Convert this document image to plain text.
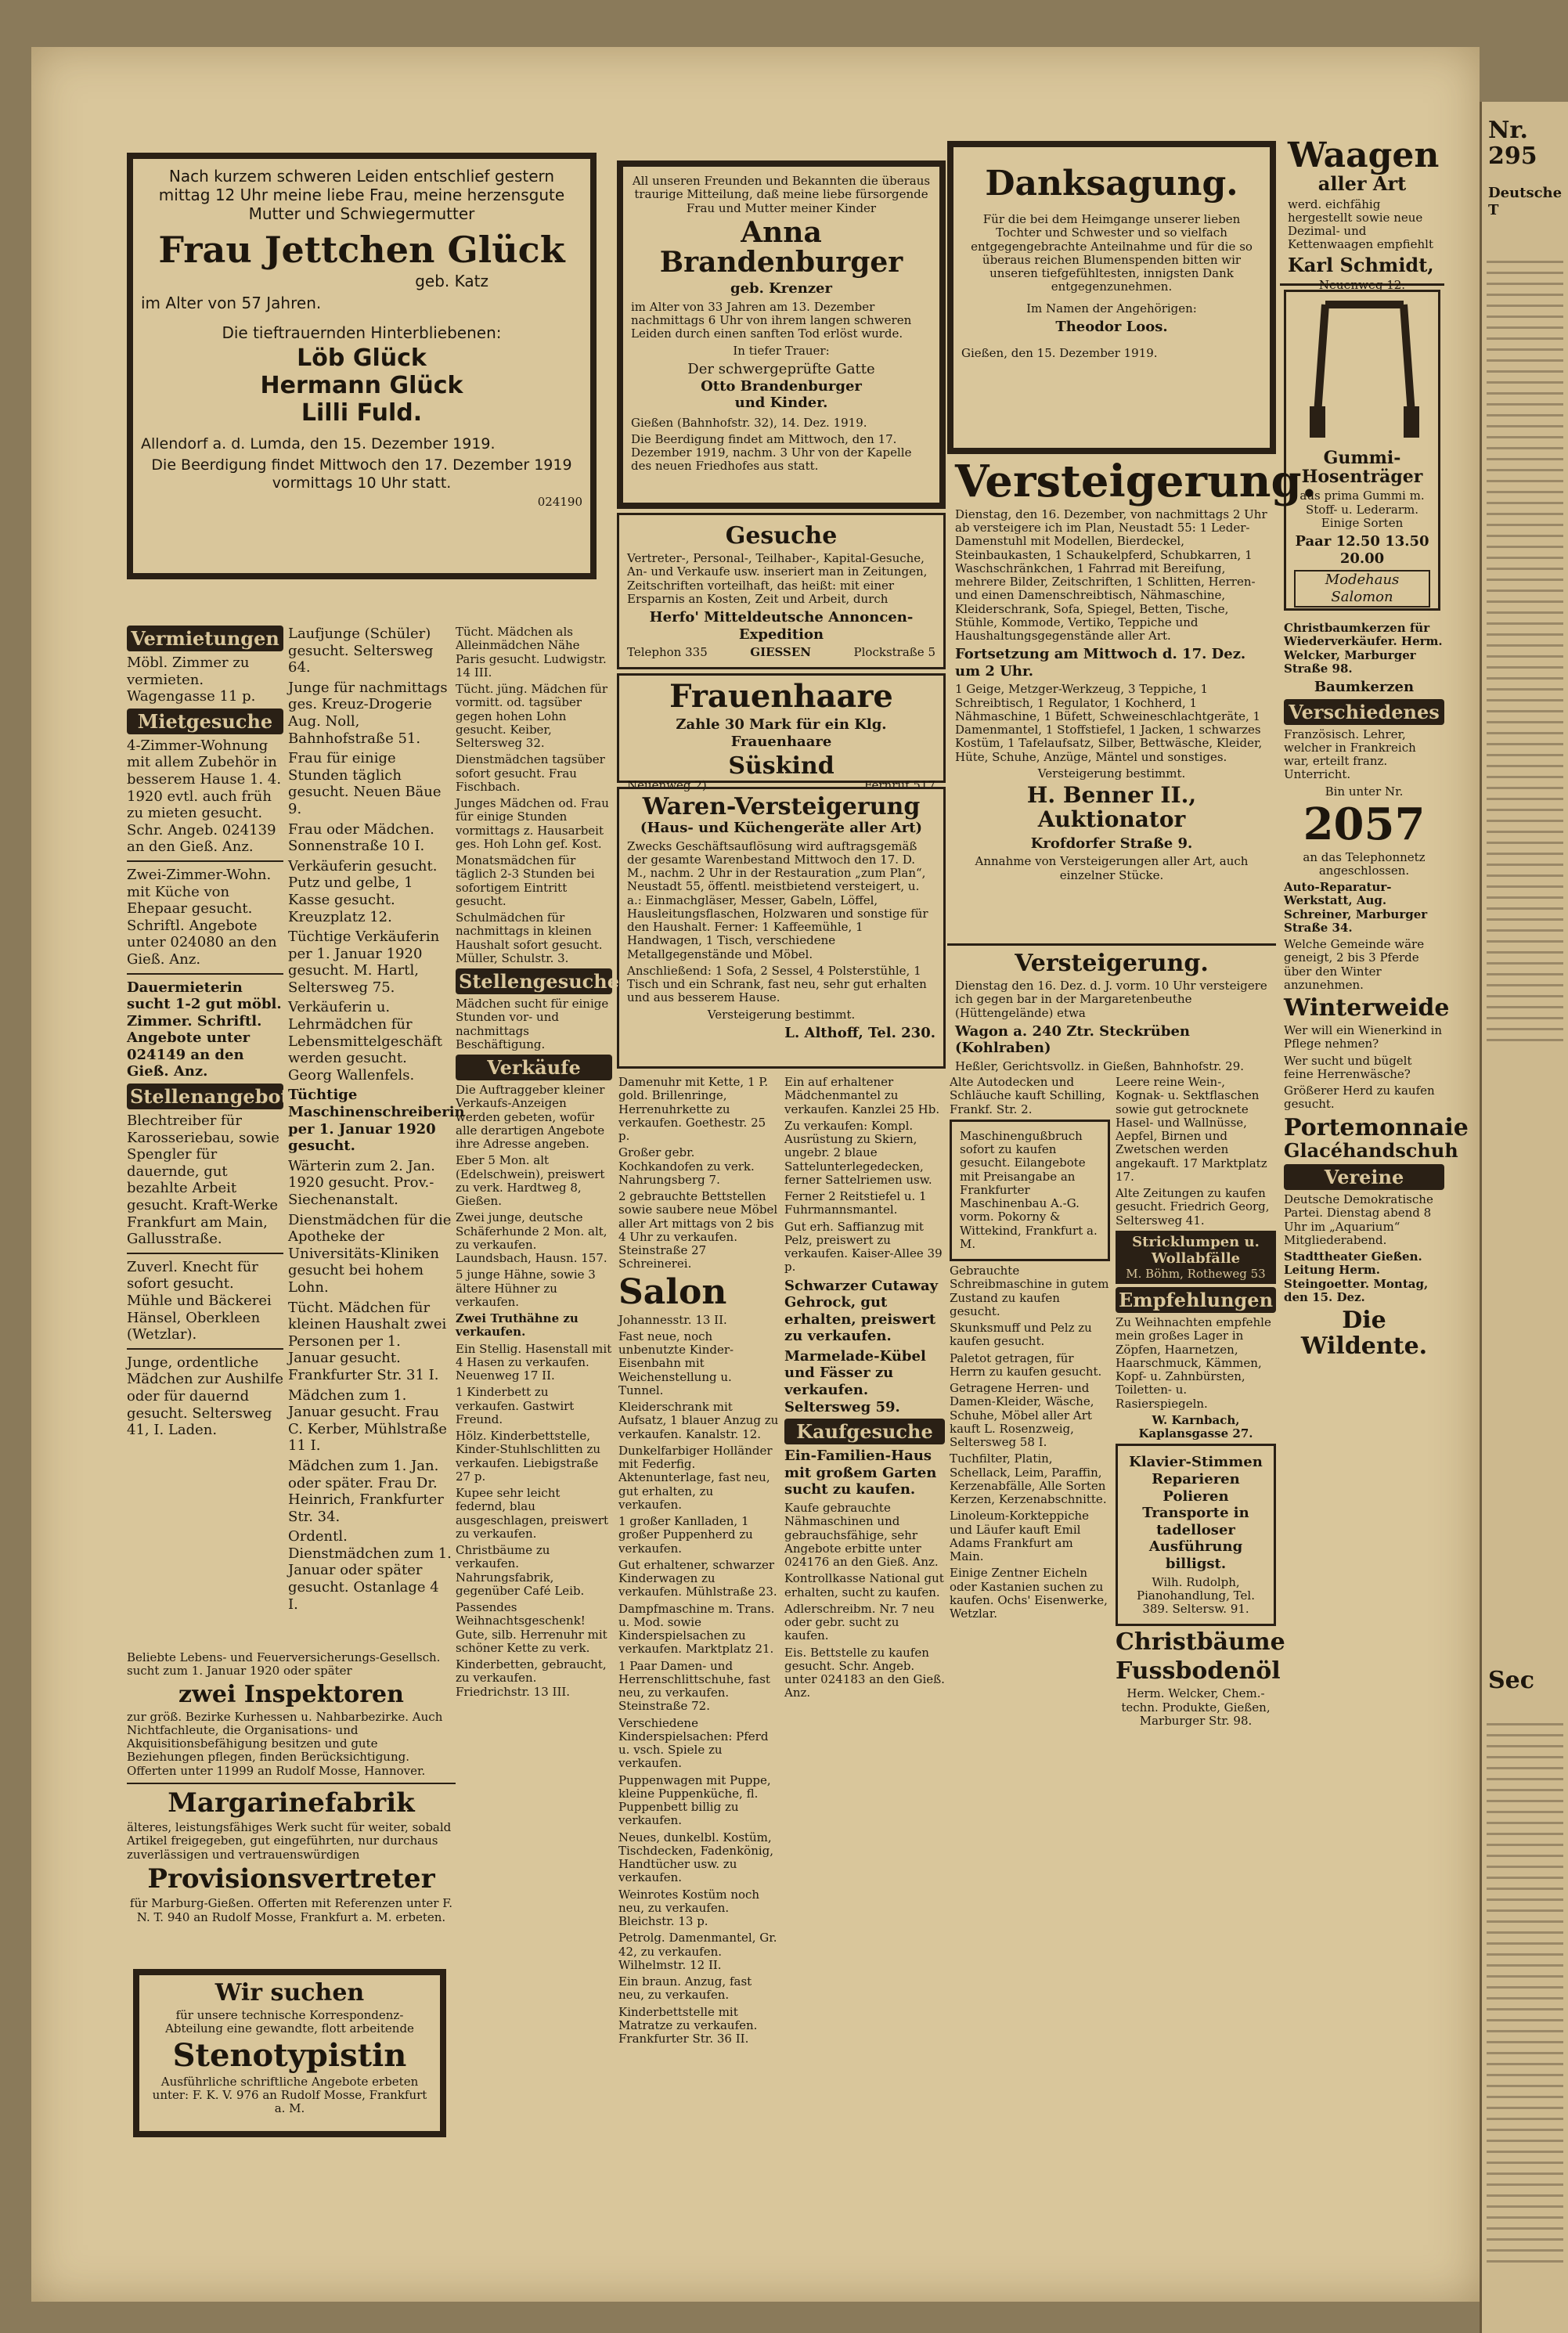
Nr. 295
Deutsche T
Sec

Nach kurzem schweren Leiden entschlief gestern mittag 12 Uhr meine liebe Frau, meine herzensgute Mutter und Schwiegermutter

Frau Jettchen Glück

geb. Katz

im Alter von 57 Jahren.

Die tieftrauernden Hinterbliebenen:

Löb Glück

Hermann Glück

Lilli Fuld.

Allendorf a. d. Lumda, den 15. Dezember 1919.

Die Beerdigung findet Mittwoch den 17. Dezember 1919 vormittags 10 Uhr statt.

024190

All unseren Freunden und Bekannten die überaus traurige Mitteilung, daß meine liebe fürsorgende Frau und Mutter meiner Kinder

Anna Brandenburger

geb. Krenzer

im Alter von 33 Jahren am 13. Dezember nachmittags 6 Uhr von ihrem langen schweren Leiden durch einen sanften Tod erlöst wurde.

In tiefer Trauer:

Der schwergeprüfte Gatte

Otto Brandenburger

und Kinder.

Gießen (Bahnhofstr. 32), 14. Dez. 1919.

Die Beerdigung findet am Mittwoch, den 17. Dezember 1919, nachm. 3 Uhr von der Kapelle des neuen Friedhofes aus statt.

Danksagung.

Für die bei dem Heimgange unserer lieben Tochter und Schwester und so vielfach entgegengebrachte Anteilnahme und für die so überaus reichen Blumenspenden bitten wir unseren tiefgefühltesten, innigsten Dank entgegenzunehmen.

Im Namen der Angehörigen:

Theodor Loos.

Gießen, den 15. Dezember 1919.

Waagen

aller Art

werd. eichfähig hergestellt sowie neue Dezimal- und Kettenwaagen empfiehlt

Karl Schmidt,

Neuenweg 12.

Gummi-Hosenträger

aus prima Gummi m. Stoff- u. Lederarm. Einige Sorten

Paar 12.50 13.50 20.00

Modehaus Salomon

Gesuche

Vertreter-, Personal-, Teilhaber-, Kapital-Gesuche, An- und Verkaufe usw. inseriert man in Zeitungen, Zeitschriften vorteilhaft, das heißt: mit einer Ersparnis an Kosten, Zeit und Arbeit, durch

Herfo' Mitteldeutsche Annoncen-Expedition

Telephon 335	GIESSEN	Plockstraße 5

Frauenhaare

Zahle 30 Mark für ein Klg. Frauenhaare

Süskind

Neuenweg 2)	Fernruf 517

Waren-Versteigerung

(Haus- und Küchengeräte aller Art)

Zwecks Geschäftsauflösung wird auftragsgemäß der gesamte Warenbestand Mittwoch den 17. D. M., nachm. 2 Uhr in der Restauration „zum Plan“, Neustadt 55, öffentl. meistbietend versteigert, u. a.: Einmachgläser, Messer, Gabeln, Löffel, Hausleitungsflaschen, Holzwaren und sonstige für den Haushalt. Ferner: 1 Kaffeemühle, 1 Handwagen, 1 Tisch, verschiedene Metallgegenstände und Möbel.

Anschließend: 1 Sofa, 2 Sessel, 4 Polsterstühle, 1 Tisch und ein Schrank, fast neu, sehr gut erhalten und aus besserem Hause.

Versteigerung bestimmt.

L. Althoff, Tel. 230.

Versteigerung.

Dienstag, den 16. Dezember, von nachmittags 2 Uhr ab versteigere ich im Plan, Neustadt 55: 1 Leder-Damenstuhl mit Modellen, Bierdeckel, Steinbaukasten, 1 Schaukelpferd, Schubkarren, 1 Waschschränkchen, 1 Fahrrad mit Bereifung, mehrere Bilder, Zeitschriften, 1 Schlitten, Herren- und einen Damenschreibtisch, Nähmaschine, Kleiderschrank, Sofa, Spiegel, Betten, Tische, Stühle, Kommode, Vertiko, Teppiche und Haushaltungsgegenstände aller Art.

Fortsetzung am Mittwoch d. 17. Dez. um 2 Uhr.

1 Geige, Metzger-Werkzeug, 3 Teppiche, 1 Schreibtisch, 1 Regulator, 1 Kochherd, 1 Nähmaschine, 1 Büfett, Schweineschlachtgeräte, 1 Damenmantel, 1 Stoffstiefel, 1 Jacken, 1 schwarzes Kostüm, 1 Tafelaufsatz, Silber, Bettwäsche, Kleider, Hüte, Schuhe, Anzüge, Mäntel und sonstiges.

Versteigerung bestimmt.

H. Benner II., Auktionator

Krofdorfer Straße 9.

Annahme von Versteigerungen aller Art, auch einzelner Stücke.

Versteigerung.

Dienstag den 16. Dez. d. J. vorm. 10 Uhr versteigere ich gegen bar in der Margaretenbeuthe (Hüttengelände) etwa

Wagon a. 240 Ztr. Steckrüben (Kohlraben)

Heßler, Gerichtsvollz. in Gießen, Bahnhofstr. 29.

Vermietungen

Möbl. Zimmer zu vermieten. Wagengasse 11 p.

Mietgesuche

4-Zimmer-Wohnung mit allem Zubehör in besserem Hause 1. 4. 1920 evtl. auch früh zu mieten gesucht. Schr. Angeb. 024139 an den Gieß. Anz.

Zwei-Zimmer-Wohn. mit Küche von Ehepaar gesucht. Schriftl. Angebote unter 024080 an den Gieß. Anz.

Dauermieterin sucht 1-2 gut möbl. Zimmer. Schriftl. Angebote unter 024149 an den Gieß. Anz.

Stellenangebote

Blechtreiber für Karosseriebau, sowie Spengler für dauernde, gut bezahlte Arbeit gesucht. Kraft-Werke Frankfurt am Main, Gallusstraße.

Zuverl. Knecht für sofort gesucht. Mühle und Bäckerei Hänsel, Oberkleen (Wetzlar).

Junge, ordentliche Mädchen zur Aushilfe oder für dauernd gesucht. Seltersweg 41, I. Laden.

Beliebte Lebens- und Feuerversicherungs-Gesellsch. sucht zum 1. Januar 1920 oder später

zwei Inspektoren

zur größ. Bezirke Kurhessen u. Nahbarbezirke. Auch Nichtfachleute, die Organisations- und Akquisitionsbefähigung besitzen und gute Beziehungen pflegen, finden Berücksichtigung. Offerten unter 11999 an Rudolf Mosse, Hannover.

Margarinefabrik

älteres, leistungsfähiges Werk sucht für weiter, sobald Artikel freigegeben, gut eingeführten, nur durchaus zuverlässigen und vertrauenswürdigen

Provisionsvertreter

für Marburg-Gießen. Offerten mit Referenzen unter F. N. T. 940 an Rudolf Mosse, Frankfurt a. M. erbeten.

Wir suchen

für unsere technische Korrespondenz-Abteilung eine gewandte, flott arbeitende

Stenotypistin

Ausführliche schriftliche Angebote erbeten unter: F. K. V. 976 an Rudolf Mosse, Frankfurt a. M.

Laufjunge (Schüler) gesucht. Seltersweg 64.

Junge für nachmittags ges. Kreuz-Drogerie Aug. Noll, Bahnhofstraße 51.

Frau für einige Stunden täglich gesucht. Neuen Bäue 9.

Frau oder Mädchen. Sonnenstraße 10 I.

Verkäuferin gesucht. Putz und gelbe, 1 Kasse gesucht. Kreuzplatz 12.

Tüchtige Verkäuferin per 1. Januar 1920 gesucht. M. Hartl, Seltersweg 75.

Verkäuferin u. Lehrmädchen für Lebensmittelgeschäft werden gesucht. Georg Wallenfels.

Tüchtige Maschinenschreiberin per 1. Januar 1920 gesucht.

Wärterin zum 2. Jan. 1920 gesucht. Prov.-Siechenanstalt.

Dienstmädchen für die Apotheke der Universitäts-Kliniken gesucht bei hohem Lohn.

Tücht. Mädchen für kleinen Haushalt zwei Personen per 1. Januar gesucht. Frankfurter Str. 31 I.

Mädchen zum 1. Januar gesucht. Frau C. Kerber, Mühlstraße 11 I.

Mädchen zum 1. Jan. oder später. Frau Dr. Heinrich, Frankfurter Str. 34.

Ordentl. Dienstmädchen zum 1. Januar oder später gesucht. Ostanlage 4 I.

Tücht. Mädchen als Alleinmädchen Nähe Paris gesucht. Ludwigstr. 14 III.

Tücht. jüng. Mädchen für vormitt. od. tagsüber gegen hohen Lohn gesucht. Keiber, Seltersweg 32.

Dienstmädchen tagsüber sofort gesucht. Frau Fischbach.

Junges Mädchen od. Frau für einige Stunden vormittags z. Hausarbeit ges. Hoh Lohn gef. Kost.

Monatsmädchen für täglich 2-3 Stunden bei sofortigem Eintritt gesucht.

Schulmädchen für nachmittags in kleinen Haushalt sofort gesucht. Müller, Schulstr. 3.

Stellengesuche

Mädchen sucht für einige Stunden vor- und nachmittags Beschäftigung.

Verkäufe

Die Auftraggeber kleiner Verkaufs-Anzeigen werden gebeten, wofür alle derartigen Angebote ihre Adresse angeben.

Eber 5 Mon. alt (Edelschwein), preiswert zu verk. Hardtweg 8, Gießen.

Zwei junge, deutsche Schäferhunde 2 Mon. alt, zu verkaufen. Laundsbach, Hausn. 157.

5 junge Hähne, sowie 3 ältere Hühner zu verkaufen.

Zwei Truthähne zu verkaufen.

Ein Stellig. Hasenstall mit 4 Hasen zu verkaufen. Neuenweg 17 II.

1 Kinderbett zu verkaufen. Gastwirt Freund.

Hölz. Kinderbettstelle, Kinder-Stuhlschlitten zu verkaufen. Liebigstraße 27 p.

Kupee sehr leicht federnd, blau ausgeschlagen, preiswert zu verkaufen.

Christbäume zu verkaufen. Nahrungsfabrik, gegenüber Café Leib.

Passendes Weihnachtsgeschenk! Gute, silb. Herrenuhr mit schöner Kette zu verk.

Kinderbetten, gebraucht, zu verkaufen. Friedrichstr. 13 III.

Damenuhr mit Kette, 1 P. gold. Brillenringe, Herrenuhrkette zu verkaufen. Goethestr. 25 p.

Großer gebr. Kochkandofen zu verk. Nahrungsberg 7.

2 gebrauchte Bettstellen sowie saubere neue Möbel aller Art mittags von 2 bis 4 Uhr zu verkaufen. Steinstraße 27 Schreinerei.

Salon

Johannesstr. 13 II.

Fast neue, noch unbenutzte Kinder-Eisenbahn mit Weichenstellung u. Tunnel.

Kleiderschrank mit Aufsatz, 1 blauer Anzug zu verkaufen. Kanalstr. 12.

Dunkelfarbiger Holländer mit Federfig. Aktenunterlage, fast neu, gut erhalten, zu verkaufen.

1 großer Kanlladen, 1 großer Puppenherd zu verkaufen.

Gut erhaltener, schwarzer Kinderwagen zu verkaufen. Mühlstraße 23.

Dampfmaschine m. Trans. u. Mod. sowie Kinderspielsachen zu verkaufen. Marktplatz 21.

1 Paar Damen- und Herrenschlittschuhe, fast neu, zu verkaufen. Steinstraße 72.

Verschiedene Kinderspielsachen: Pferd u. vsch. Spiele zu verkaufen.

Puppenwagen mit Puppe, kleine Puppenküche, fl. Puppenbett billig zu verkaufen.

Neues, dunkelbl. Kostüm, Tischdecken, Fadenkönig, Handtücher usw. zu verkaufen.

Weinrotes Kostüm noch neu, zu verkaufen. Bleichstr. 13 p.

Petrolg. Damenmantel, Gr. 42, zu verkaufen. Wilhelmstr. 12 II.

Ein braun. Anzug, fast neu, zu verkaufen.

Kinderbettstelle mit Matratze zu verkaufen. Frankfurter Str. 36 II.

Ein auf erhaltener Mädchenmantel zu verkaufen. Kanzlei 25 Hb.

Zu verkaufen: Kompl. Ausrüstung zu Skiern, ungebr. 2 blaue Sattelunterlegedecken, ferner Sattelriemen usw.

Ferner 2 Reitstiefel u. 1 Fuhrmannsmantel.

Gut erh. Saffianzug mit Pelz, preiswert zu verkaufen. Kaiser-Allee 39 p.

Schwarzer Cutaway Gehrock, gut erhalten, preiswert zu verkaufen.

Marmelade-Kübel und Fässer zu verkaufen. Seltersweg 59.

Kaufgesuche

Ein-Familien-Haus mit großem Garten sucht zu kaufen.

Kaufe gebrauchte Nähmaschinen und gebrauchsfähige, sehr Angebote erbitte unter 024176 an den Gieß. Anz.

Kontrollkasse National gut erhalten, sucht zu kaufen.

Adlerschreibm. Nr. 7 neu oder gebr. sucht zu kaufen.

Eis. Bettstelle zu kaufen gesucht. Schr. Angeb. unter 024183 an den Gieß. Anz.

Alte Autodecken und Schläuche kauft Schilling, Frankf. Str. 2.

Maschinengußbruch sofort zu kaufen gesucht. Eilangebote mit Preisangabe an Frankfurter Maschinenbau A.-G. vorm. Pokorny & Wittekind, Frankfurt a. M.

Gebrauchte Schreibmaschine in gutem Zustand zu kaufen gesucht.

Skunksmuff und Pelz zu kaufen gesucht.

Paletot getragen, für Herrn zu kaufen gesucht.

Getragene Herren- und Damen-Kleider, Wäsche, Schuhe, Möbel aller Art kauft L. Rosenzweig, Seltersweg 58 I.

Tuchfilter, Platin, Schellack, Leim, Paraffin, Kerzenabfälle, Alle Sorten Kerzen, Kerzenabschnitte.

Linoleum-Korkteppiche und Läufer kauft Emil Adams Frankfurt am Main.

Einige Zentner Eicheln oder Kastanien suchen zu kaufen. Ochs' Eisenwerke, Wetzlar.

Leere reine Wein-, Kognak- u. Sektflaschen sowie gut getrocknete Hasel- und Wallnüsse, Aepfel, Birnen und Zwetschen werden angekauft. 17 Marktplatz 17.

Alte Zeitungen zu kaufen gesucht. Friedrich Georg, Seltersweg 41.

Stricklumpen u. Wollabfälle

M. Böhm, Rotheweg 53

Empfehlungen

Zu Weihnachten empfehle mein großes Lager in Zöpfen, Haarnetzen, Haarschmuck, Kämmen, Kopf- u. Zahnbürsten, Toiletten- u. Rasierspiegeln.

W. Karnbach, Kaplansgasse 27.

Klavier-Stimmen Reparieren Polieren Transporte in tadelloser Ausführung billigst.

Wilh. Rudolph, Pianohandlung, Tel. 389. Seltersw. 91.

Christbäume

Fussbodenöl

Herm. Welcker, Chem.-techn. Produkte, Gießen, Marburger Str. 98.

Christbaumkerzen für Wiederverkäufer. Herm. Welcker, Marburger Straße 98.

Baumkerzen

Verschiedenes

Französisch. Lehrer, welcher in Frankreich war, erteilt franz. Unterricht.

Bin unter Nr.

2057

an das Telephonnetz angeschlossen.

Auto-Reparatur-Werkstatt, Aug. Schreiner, Marburger Straße 34.

Welche Gemeinde wäre geneigt, 2 bis 3 Pferde über den Winter anzunehmen.

Winterweide

Wer will ein Wienerkind in Pflege nehmen?

Wer sucht und bügelt feine Herrenwäsche?

Größerer Herd zu kaufen gesucht.

Portemonnaie

Glacéhandschuh

Vereine

Deutsche Demokratische Partei. Dienstag abend 8 Uhr im „Aquarium“ Mitgliederabend.

Stadttheater Gießen. Leitung Herm. Steingoetter. Montag, den 15. Dez.

Die Wildente.
